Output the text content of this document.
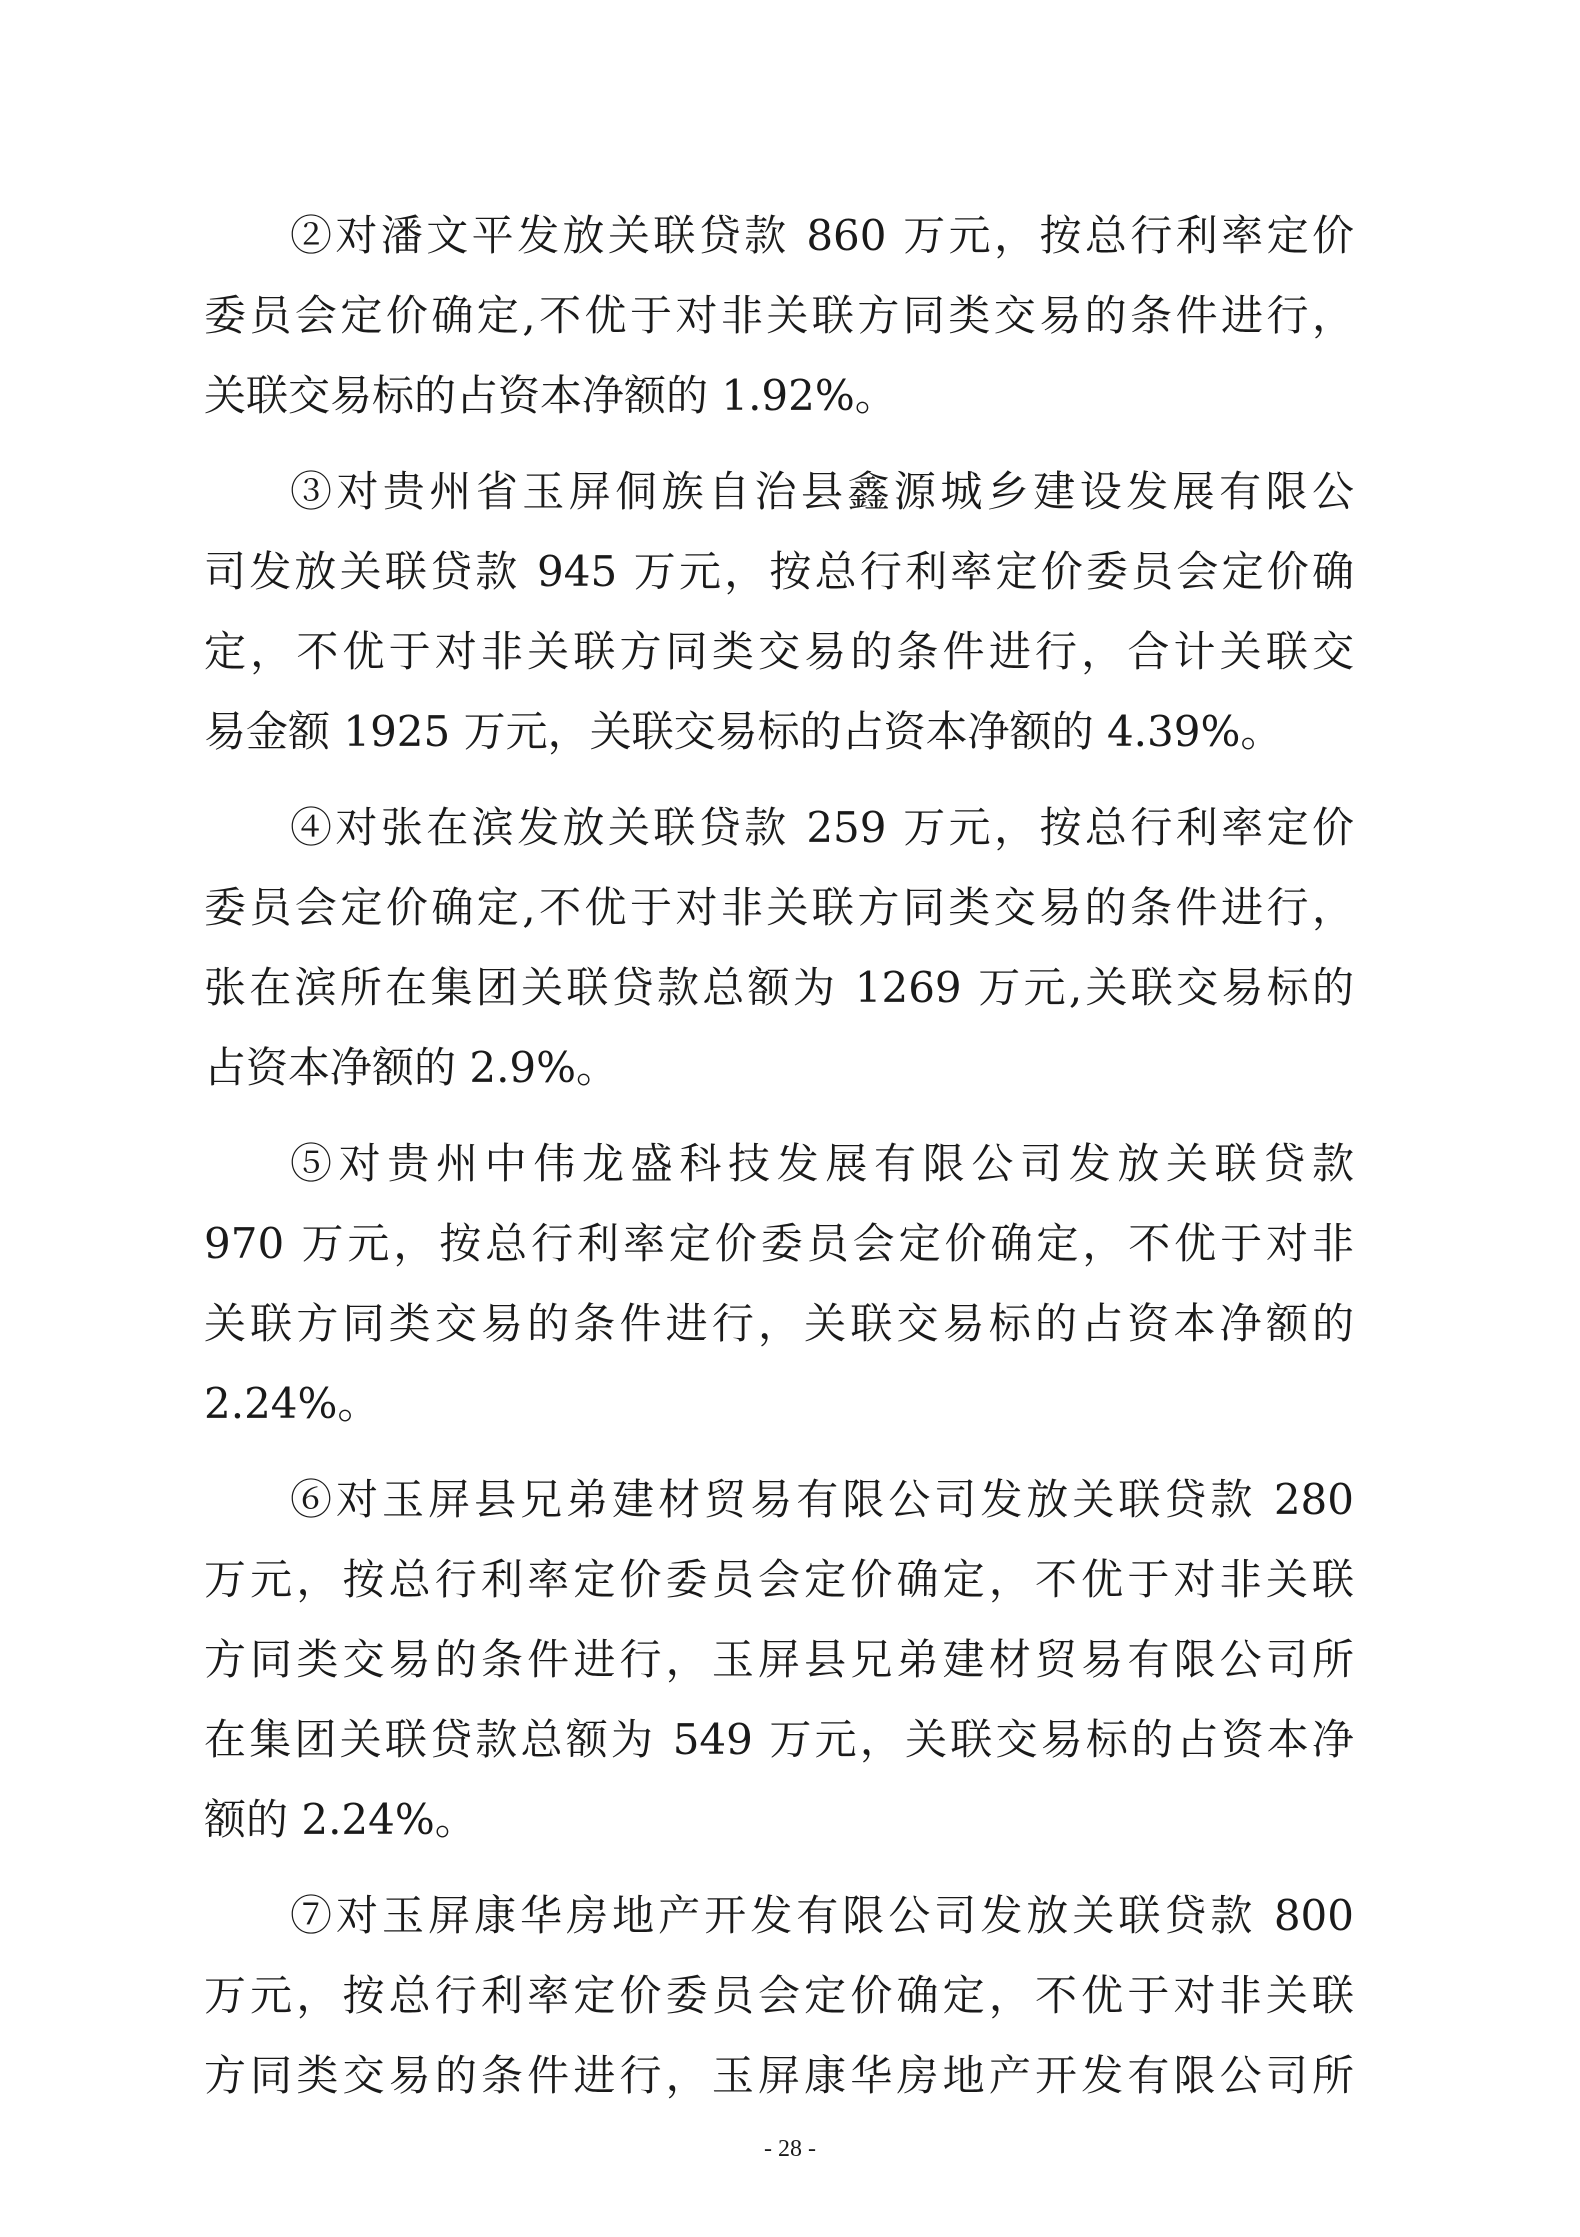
②对潘文平发放关联贷款 860 万元，按总行利率定价
委员会定价确定,不优于对非关联方同类交易的条件进行，
关联交易标的占资本净额的 1.92%。
③对贵州省玉屏侗族自治县鑫源城乡建设发展有限公
司发放关联贷款 945 万元，按总行利率定价委员会定价确
定，不优于对非关联方同类交易的条件进行，合计关联交
易金额 1925 万元，关联交易标的占资本净额的 4.39%。
④对张在滨发放关联贷款 259 万元，按总行利率定价
委员会定价确定,不优于对非关联方同类交易的条件进行，
张在滨所在集团关联贷款总额为 1269 万元,关联交易标的
占资本净额的 2.9%。
⑤对贵州中伟龙盛科技发展有限公司发放关联贷款
970 万元，按总行利率定价委员会定价确定，不优于对非
关联方同类交易的条件进行，关联交易标的占资本净额的
2.24%。
⑥对玉屏县兄弟建材贸易有限公司发放关联贷款 280
万元，按总行利率定价委员会定价确定，不优于对非关联
方同类交易的条件进行，玉屏县兄弟建材贸易有限公司所
在集团关联贷款总额为 549 万元，关联交易标的占资本净
额的 2.24%。
⑦对玉屏康华房地产开发有限公司发放关联贷款 800
万元，按总行利率定价委员会定价确定，不优于对非关联
方同类交易的条件进行，玉屏康华房地产开发有限公司所
- 28 -
